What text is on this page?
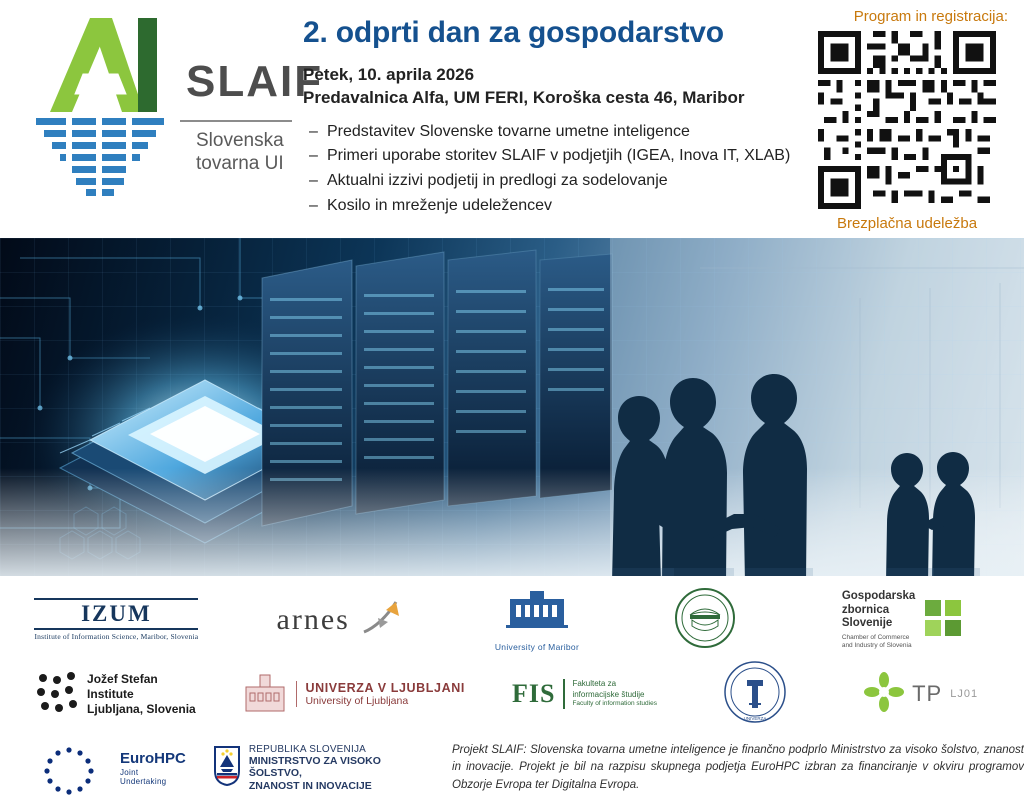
SLAIF
Slovenska
tovarna UI
2. odprti dan za gospodarstvo
Petek, 10. aprila 2026
Predavalnica Alfa, UM FERI, Koroška cesta 46, Maribor
– Predstavitev Slovenske tovarne umetne inteligence
– Primeri uporabe storitev SLAIF v podjetjih (IGEA, Inova IT, XLAB)
– Aktualni izzivi podjetij in predlogi za sodelovanje
– Kosilo in mreženje udeležencev
Program in registracija:
Brezplačna udeležba
IZUM
Institute of Information Science, Maribor, Slovenia
arnes
University of Maribor
Gospodarska
zbornica
Slovenije
Chamber of Commerce
and Industry of Slovenia
Jožef Stefan
Institute
Ljubljana, Slovenia
UNIVERZA V LJUBLJANI
University of Ljubljana	FIS Fakulteta za
informacijske študije
Faculty of information studies
UNIVERZA
TP LJ01
EuroHPC
Joint Undertaking
REPUBLIKA SLOVENIJA
MINISTRSTVO ZA VISOKO ŠOLSTVO,
ZNANOST IN INOVACIJE
Projekt SLAIF: Slovenska tovarna umetne inteligence je finančno podprlo Ministrstvo za visoko šolstvo, znanost in inovacije. Projekt je bil na razpisu skupnega podjetja EuroHPC izbran za financiranje v okviru programov Obzorje Evropa ter Digitalna Evropa.
